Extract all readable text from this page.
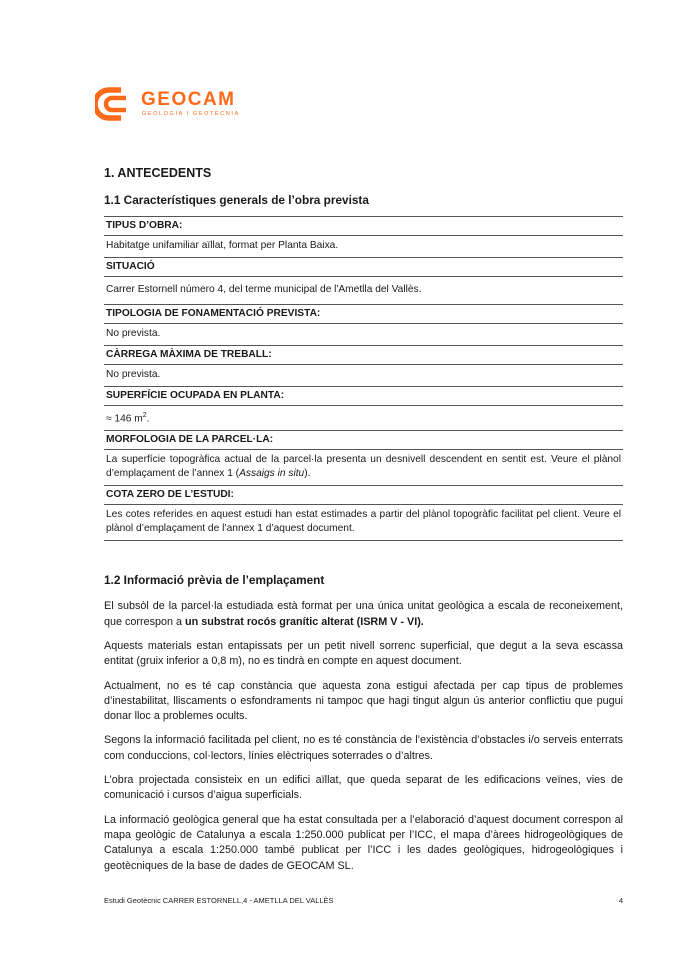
GEOCAM
GEOLOGIA I GEOTÈCNIA
1. ANTECEDENTS
1.1 Característiques generals de l’obra prevista
TIPUS D’OBRA:
Habitatge unifamiliar aïllat, format per Planta Baixa.
SITUACIÓ
Carrer Estornell número 4, del terme municipal de l'Ametlla del Vallès.
TIPOLOGIA DE FONAMENTACIÓ PREVISTA:
No prevista.
CÀRREGA MÀXIMA DE TREBALL:
No prevista.
SUPERFÍCIE OCUPADA EN PLANTA:
≈ 146 $m^2$.
MORFOLOGIA DE LA PARCEL·LA:
La superfície topogràfica actual de la parcel·la presenta un desnivell descendent en sentit est. Veure el plànol d’emplaçament de l’annex 1 (Assaigs in situ).
COTA ZERO DE L’ESTUDI:
Les cotes referides en aquest estudi han estat estimades a partir del plànol topogràfic facilitat pel client. Veure el plànol d’emplaçament de l’annex 1 d’aquest document.
1.2 Informació prèvia de l’emplaçament

El subsòl de la parcel·la estudiada està format per una única unitat geològica a escala de reconeixement, que correspon a un substrat rocós granític alterat (ISRM V - VI).

Aquests materials estan entapissats per un petit nivell sorrenc superficial, que degut a la seva escassa entitat (gruix inferior a 0,8 m), no es tindrà en compte en aquest document.

Actualment, no es té cap constància que aquesta zona estigui afectada per cap tipus de problemes d’inestabilitat, lliscaments o esfondraments ni tampoc que hagi tingut algun ús anterior conflictiu que pugui donar lloc a problemes ocults.

Segons la informació facilitada pel client, no es té constància de l’existència d’obstacles i/o serveis enterrats com conduccions, col·lectors, línies elèctriques soterrades o d’altres.

L’obra projectada consisteix en un edifici aïllat, que queda separat de les edificacions veïnes, vies de comunicació i cursos d’aigua superficials.

La informació geològica general que ha estat consultada per a l’elaboració d’aquest document correspon al mapa geològic de Catalunya a escala 1:250.000 publicat per l’ICC, el mapa d’àrees hidrogeològiques de Catalunya a escala 1:250.000 també publicat per l’ICC i les dades geològiques, hidrogeològiques i geotècniques de la base de dades de GEOCAM SL.

Estudi Geotècnic CARRER ESTORNELL,4 - AMETLLA DEL VALLÈS	4
